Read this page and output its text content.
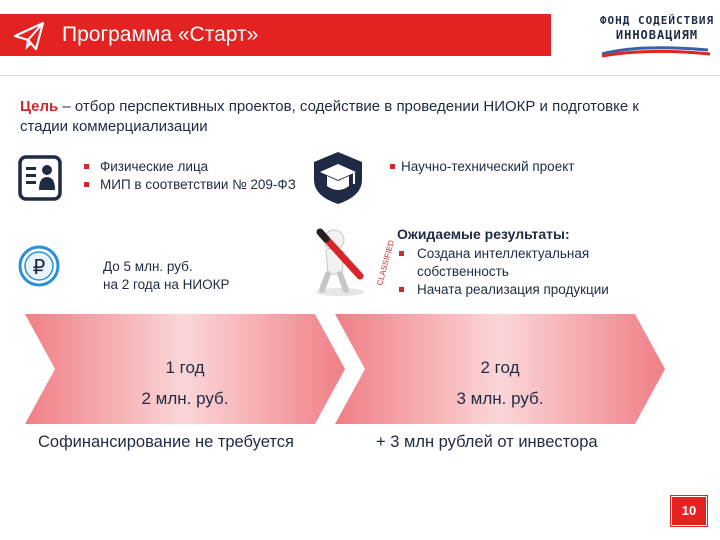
Программа «Старт»
ФОНД СОДЕЙСТВИЯ
ИННОВАЦИЯМ
Цель – отбор перспективных проектов, содействие в проведении НИОКР и подготовке к стадии коммерциализации
Физические лица
МИП в соответствии № 209-ФЗ
Научно-технический проект
₽	До 5 млн. руб.
на 2 года на НИОКР	CLASSIFIED
Ожидаемые результаты:
Создана интеллектуальная собственность
Начата реализация продукции
1 год
2 млн. руб.
2 год
3 млн. руб.
Софинансирование не требуется	+ 3 млн рублей от инвестора
10
